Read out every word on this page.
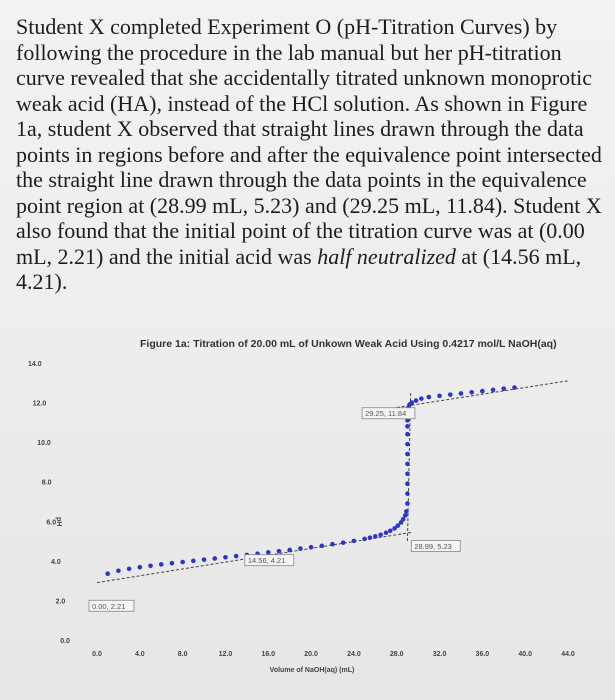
Student X completed Experiment O (pH-Titration Curves) by following the procedure in the lab manual but her pH-titration curve revealed that she accidentally titrated unknown monoprotic weak acid (HA), instead of the HCl solution. As shown in Figure 1a, student X observed that straight lines drawn through the data points in regions before and after the equivalence point intersected the straight line drawn through the data points in the equivalence point region at (28.99 mL, 5.23) and (29.25 mL, 11.84). Student X also found that the initial point of the titration curve was at (0.00 mL, 2.21) and the initial acid was half neutralized at (14.56 mL, 4.21).
Figure 1a: Titration of 20.00 mL of Unkown Weak Acid Using 0.4217 mol/L NaOH(aq)
0.0
2.0
4.0
6.0
8.0
10.0
12.0
14.0
0.0	4.0	8.0	12.0	16.0	20.0	24.0	28.0	32.0	36.0	40.0	44.0
0.00, 2.21
14.56, 4.21
28.99, 5.23
29.25, 11.84
pH
Volume of NaOH(aq) (mL)
